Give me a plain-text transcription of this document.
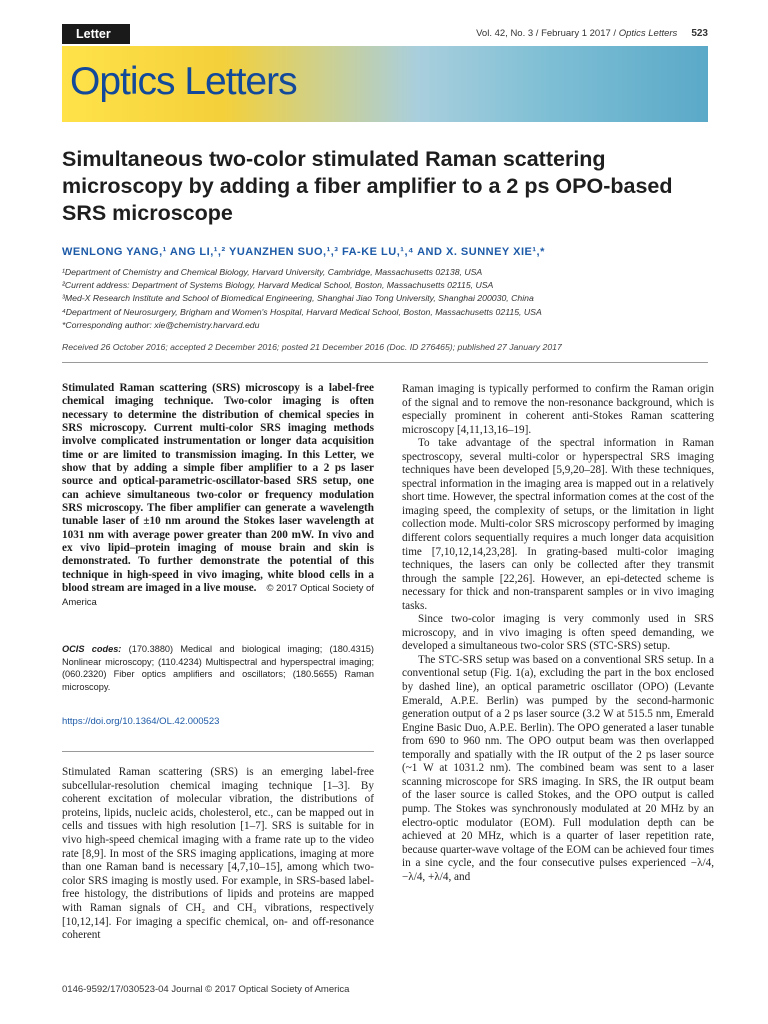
Letter	Vol. 42, No. 3 / February 1 2017 / Optics Letters 523
Optics Letters
Simultaneous two-color stimulated Raman scattering microscopy by adding a fiber amplifier to a 2 ps OPO-based SRS microscope
WENLONG YANG,¹ ANG LI,¹,² YUANZHEN SUO,¹,³ FA-KE LU,¹,⁴ AND X. SUNNEY XIE¹,*
¹Department of Chemistry and Chemical Biology, Harvard University, Cambridge, Massachusetts 02138, USA
²Current address: Department of Systems Biology, Harvard Medical School, Boston, Massachusetts 02115, USA
³Med-X Research Institute and School of Biomedical Engineering, Shanghai Jiao Tong University, Shanghai 200030, China
⁴Department of Neurosurgery, Brigham and Women's Hospital, Harvard Medical School, Boston, Massachusetts 02115, USA
*Corresponding author: xie@chemistry.harvard.edu
Received 26 October 2016; accepted 2 December 2016; posted 21 December 2016 (Doc. ID 276465); published 27 January 2017
Stimulated Raman scattering (SRS) microscopy is a label-free chemical imaging technique. Two-color imaging is often necessary to determine the distribution of chemical species in SRS microscopy. Current multi-color SRS imaging methods involve complicated instrumentation or longer data acquisition time or are limited to transmission imaging. In this Letter, we show that by adding a simple fiber amplifier to a 2 ps laser source and optical-parametric-oscillator-based SRS setup, one can achieve simultaneous two-color or frequency modulation SRS microscopy. The fiber amplifier can generate a wavelength tunable laser of ±10 nm around the Stokes laser wavelength at 1031 nm with average power greater than 200 mW. In vivo and ex vivo lipid–protein imaging of mouse brain and skin is demonstrated. To further demonstrate the potential of this technique in high-speed in vivo imaging, white blood cells in a blood stream are imaged in a live mouse. © 2017 Optical Society of America
OCIS codes: (170.3880) Medical and biological imaging; (180.4315) Nonlinear microscopy; (110.4234) Multispectral and hyperspectral imaging; (060.2320) Fiber optics amplifiers and oscillators; (180.5655) Raman microscopy.
https://doi.org/10.1364/OL.42.000523

Stimulated Raman scattering (SRS) is an emerging label-free subcellular-resolution chemical imaging technique [1–3]. By coherent excitation of molecular vibration, the distributions of proteins, lipids, nucleic acids, cholesterol, etc., can be mapped out in cells and tissues with high resolution [1–7]. SRS is suitable for in vivo high-speed chemical imaging with a frame rate up to the video rate [8,9]. In most of the SRS imaging applications, imaging at more than one Raman band is necessary [4,7,10–15], among which two-color SRS imaging is mostly used. For example, in SRS-based label-free histology, the distributions of lipids and proteins are mapped with Raman signals of CH₂ and CH₃ vibrations, respectively [10,12,14]. For imaging a specific chemical, on- and off-resonance coherent

Raman imaging is typically performed to confirm the Raman origin of the signal and to remove the non-resonance background, which is especially prominent in coherent anti-Stokes Raman scattering microscopy [4,11,13,16–19].

To take advantage of the spectral information in Raman spectroscopy, several multi-color or hyperspectral SRS imaging techniques have been developed [5,9,20–28]. With these techniques, spectral information in the imaging area is mapped out in a relatively short time. However, the spectral information comes at the cost of the imaging speed, the complexity of setups, or the limitation in light collection mode. Multi-color SRS microscopy performed by imaging different colors sequentially requires a much longer data acquisition time [7,10,12,14,23,28]. In grating-based multi-color imaging techniques, the lasers can only be collected after they transmit through the sample [22,26]. However, an epi-detected scheme is necessary for thick and non-transparent samples or in vivo imaging tasks.

Since two-color imaging is very commonly used in SRS microscopy, and in vivo imaging is often speed demanding, we developed a simultaneous two-color SRS (STC-SRS) setup.

The STC-SRS setup was based on a conventional SRS setup. In a conventional setup (Fig. 1(a), excluding the part in the box enclosed by dashed line), an optical parametric oscillator (OPO) (Levante Emerald, A.P.E. Berlin) was pumped by the second-harmonic generation output of a 2 ps laser source (3.2 W at 515.5 nm, Emerald Engine Basic Duo, A.P.E. Berlin). The OPO generated a laser tunable from 690 to 960 nm. The OPO output beam was then overlapped temporally and spatially with the IR output of the 2 ps laser source (~1 W at 1031.2 nm). The combined beam was sent to a laser scanning microscope for SRS imaging. In SRS, the IR output beam of the laser source is called Stokes, and the OPO output is called pump. The Stokes was synchronously modulated at 20 MHz by an electro-optic modulator (EOM). Full modulation depth can be achieved at 20 MHz, which is a quarter of laser repetition rate, because quarter-wave voltage of the EOM can be achieved four times in a sine cycle, and the four consecutive pulses experienced −λ/4, −λ/4, +λ/4, and

0146-9592/17/030523-04 Journal © 2017 Optical Society of America
